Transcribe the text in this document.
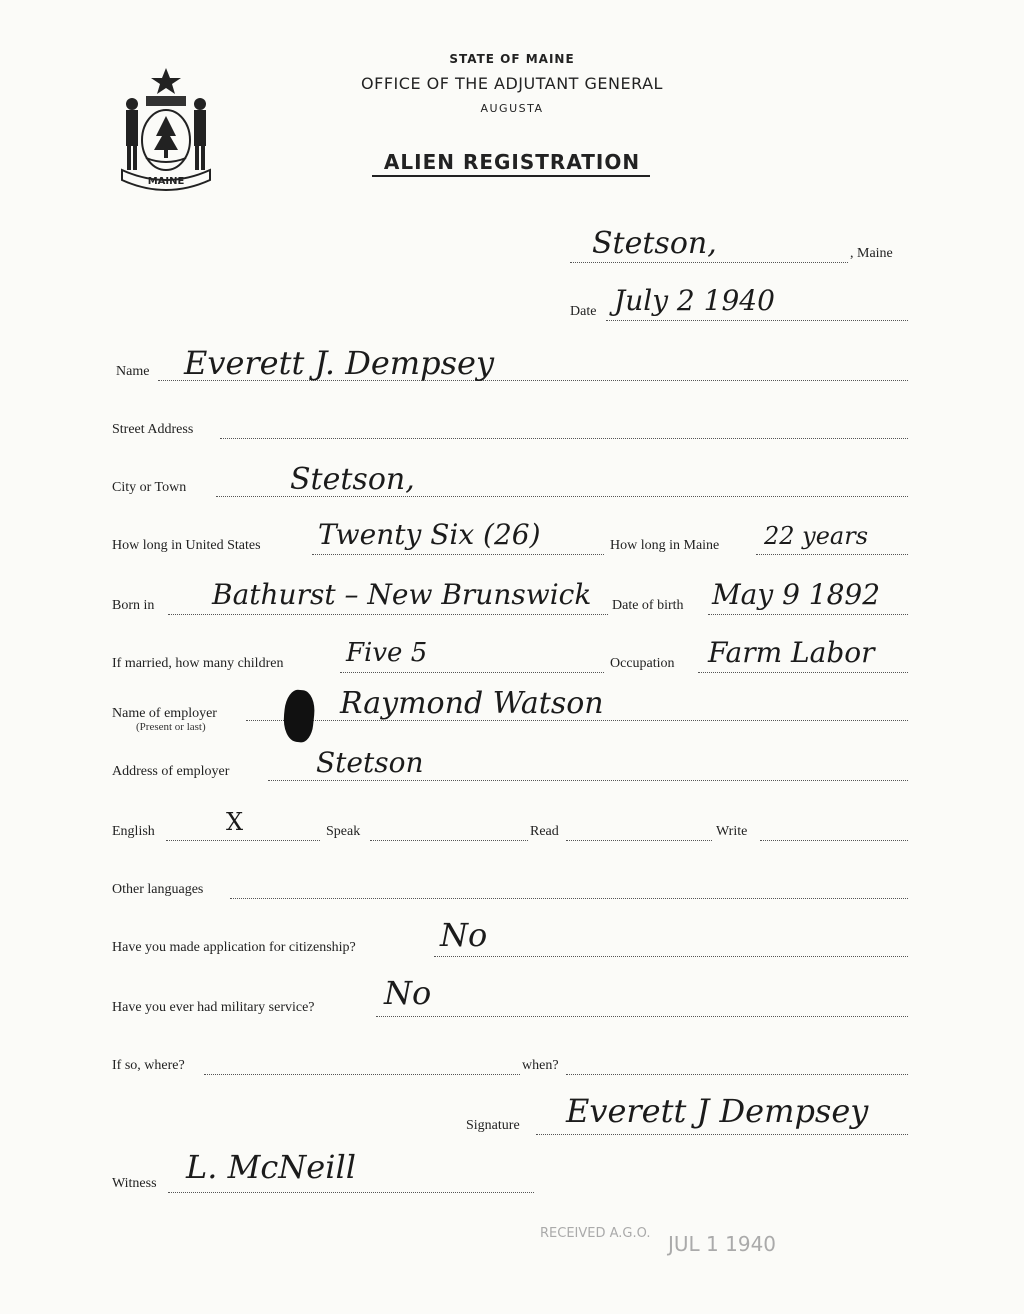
MAINE
STATE OF MAINE
OFFICE OF THE ADJUTANT GENERAL
AUGUSTA
ALIEN REGISTRATION
Stetson,	, Maine
Date July 2 1940
Name Everett J. Dempsey
Street Address
City or Town	Stetson,
How long in United States Twenty Six (26)	How long in Maine 22 years
Born in Bathurst – New Brunswick Date of birth May 9 1892
If married, how many children Five 5	Occupation Farm Labor
Name of employer
(Present or last)
Raymond Watson
Address of employer	Stetson
English	X	Speak	Read	Write
Other languages
Have you made application for citizenship?	No
Have you ever had military service? No
If so, where?	when?
Signature Everett J Dempsey
Witness L. McNeill
RECEIVED A.G.O. JUL 1 1940
